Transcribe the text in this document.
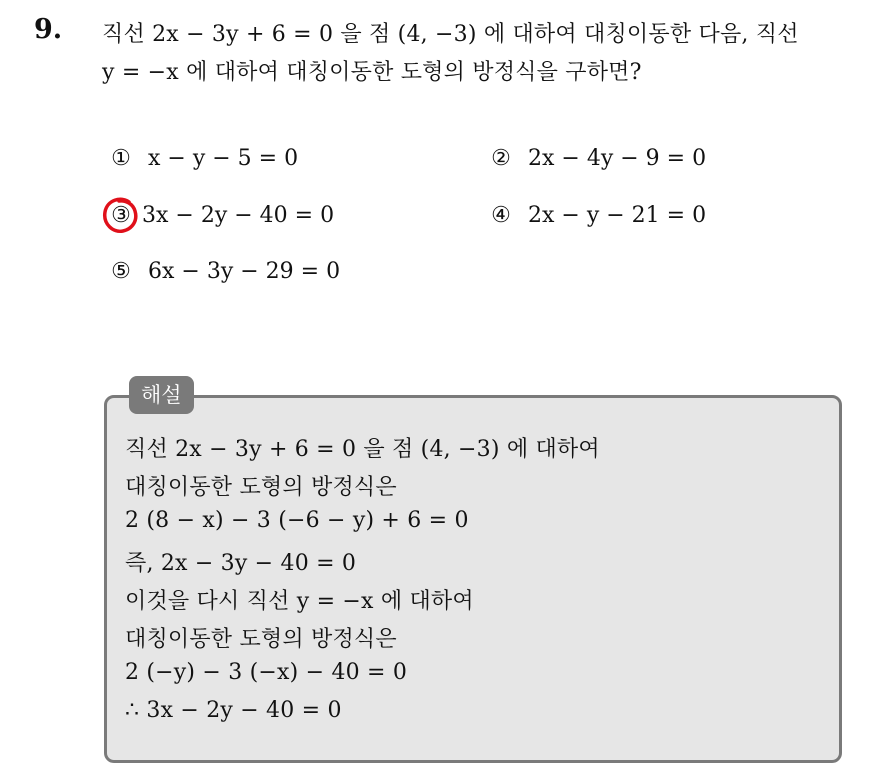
9. 직선 2x − 3y + 6 = 0 을 점 (4, −3) 에 대하여 대칭이동한 다음, 직선
y = −x 에 대하여 대칭이동한 도형의 방정식을 구하면?
① x − y − 5 = 0	② 2x − 4y − 9 = 0
③ 3x − 2y − 40 = 0	④ 2x − y − 21 = 0
⑤ 6x − 3y − 29 = 0
해설
직선 2x − 3y + 6 = 0 을 점 (4, −3) 에 대하여
대칭이동한 도형의 방정식은
2 (8 − x) − 3 (−6 − y) + 6 = 0
즉, 2x − 3y − 40 = 0
이것을 다시 직선 y = −x 에 대하여
대칭이동한 도형의 방정식은
2 (−y) − 3 (−x) − 40 = 0
∴ 3x − 2y − 40 = 0
